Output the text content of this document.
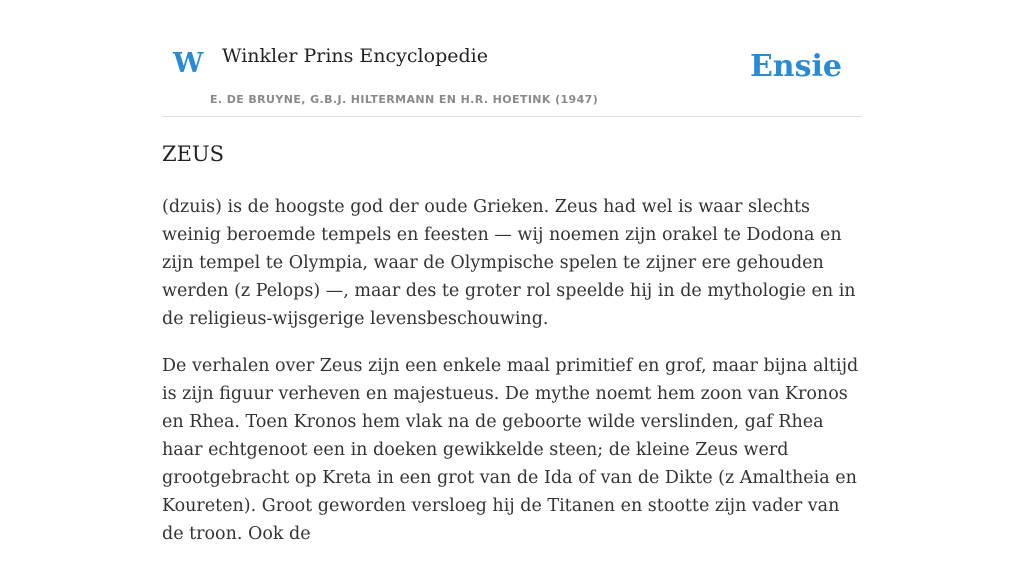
W Winkler Prins Encyclopedie
E. DE BRUYNE, G.B.J. HILTERMANN EN H.R. HOETINK (1947)
Ensie
ZEUS

(dzuis) is de hoogste god der oude Grieken. Zeus had wel is waar slechts weinig beroemde tempels en feesten — wij noemen zijn orakel te Dodona en zijn tempel te Olympia, waar de Olympische spelen te zijner ere gehouden werden (z Pelops) —, maar des te groter rol speelde hij in de mythologie en in de religieus-wijsgerige levensbeschouwing.

De verhalen over Zeus zijn een enkele maal primitief en grof, maar bijna altijd is zijn figuur verheven en majestueus. De mythe noemt hem zoon van Kronos en Rhea. Toen Kronos hem vlak na de geboorte wilde verslinden, gaf Rhea haar echtgenoot een in doeken gewikkelde steen; de kleine Zeus werd grootgebracht op Kreta in een grot van de Ida of van de Dikte (z Amaltheia en Koureten). Groot geworden versloeg hij de Titanen en stootte zijn vader van de troon. Ook de
